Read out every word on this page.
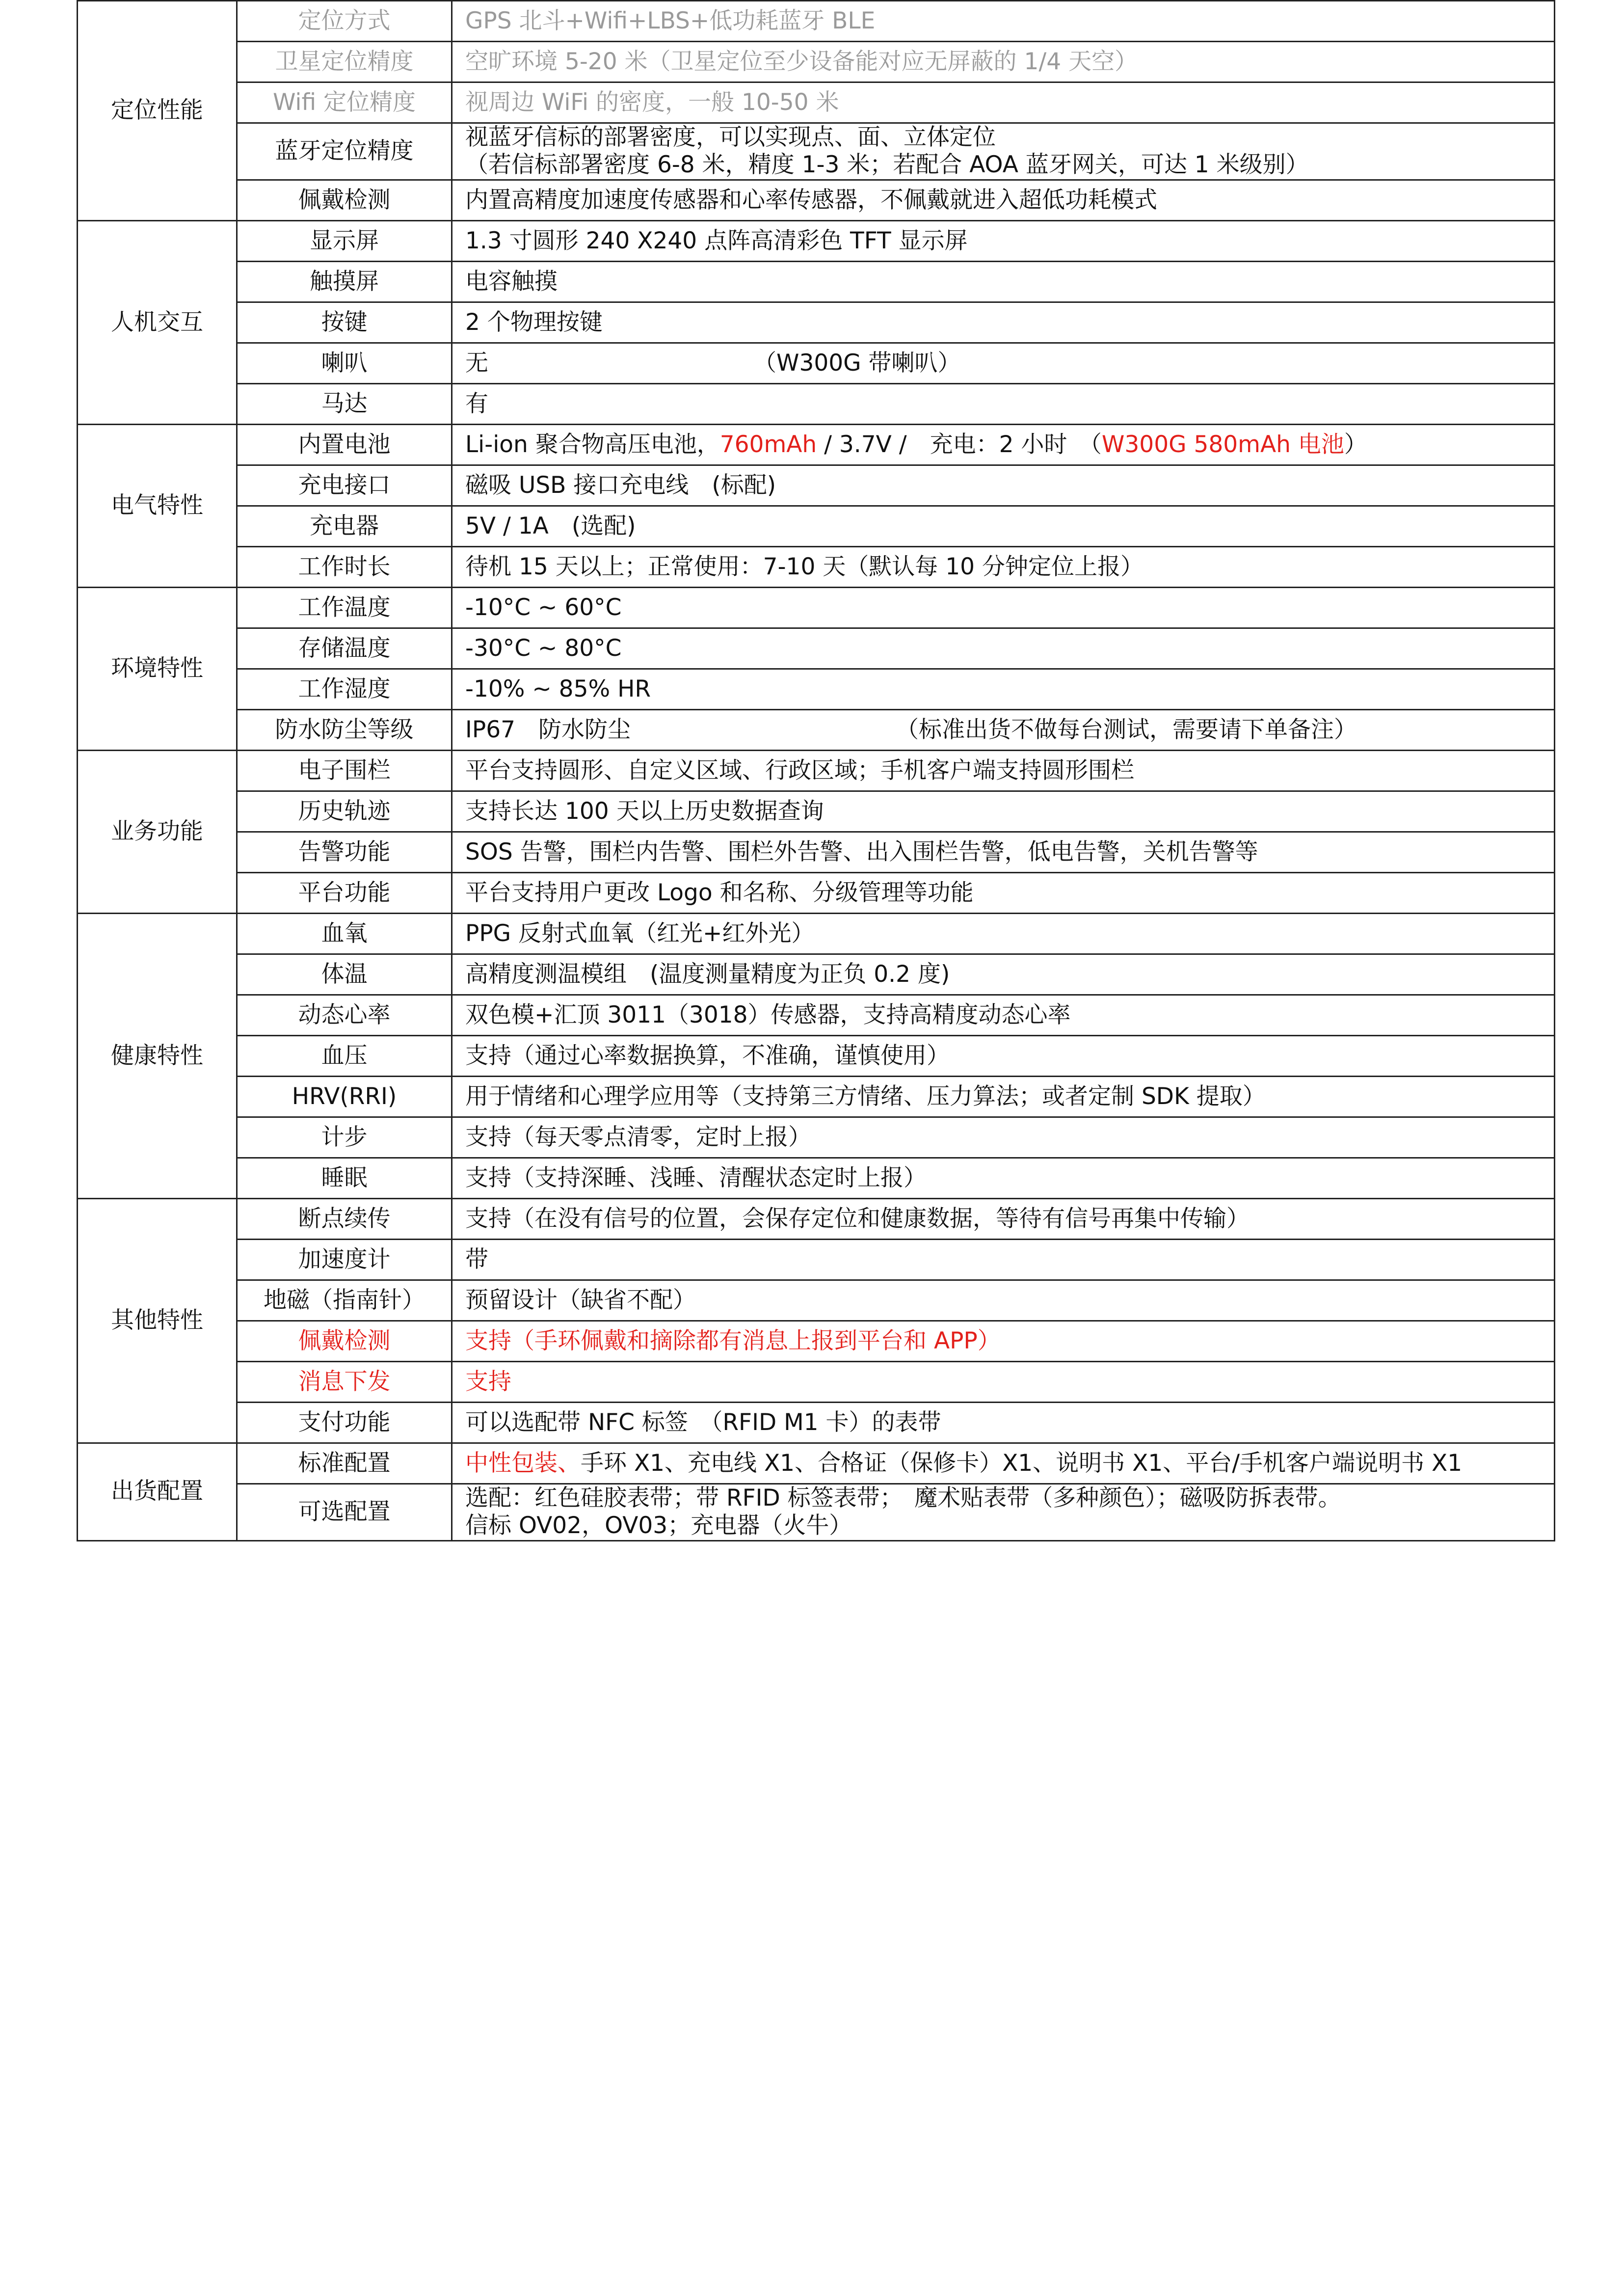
定位性能	定位方式	GPS 北斗+Wifi+LBS+低功耗蓝牙 BLE
	卫星定位精度	空旷环境 5-20 米（卫星定位至少设备能对应无屏蔽的 1/4 天空）
	Wifi 定位精度	视周边 WiFi 的密度，一般 10-50 米
	蓝牙定位精度	视蓝牙信标的部署密度，可以实现点、面、立体定位
（若信标部署密度 6-8 米，精度 1-3 米；若配合 AOA 蓝牙网关，可达 1 米级别）

	佩戴检测	内置高精度加速度传感器和心率传感器，不佩戴就进入超低功耗模式
人机交互	显示屏	1.3 寸圆形 240 X240 点阵高清彩色 TFT 显示屏
	触摸屏	电容触摸
	按键	2 个物理按键
	喇叭	无 （W300G 带喇叭）
	马达	有
电气特性	内置电池	Li-ion 聚合物高压电池，760mAh / 3.7V /　充电：2 小时　（W300G 580mAh 电池）
	充电接口	磁吸 USB 接口充电线　(标配)
	充电器	5V / 1A　(选配)
	工作时长	待机 15 天以上；正常使用：7-10 天（默认每 10 分钟定位上报）
环境特性	工作温度	-10°C ~ 60°C
	存储温度	-30°C ~ 80°C
	工作湿度	-10% ~ 85% HR
	防水防尘等级	IP67　防水防尘 （标准出货不做每台测试，需要请下单备注）
业务功能	电子围栏	平台支持圆形、自定义区域、行政区域；手机客户端支持圆形围栏
	历史轨迹	支持长达 100 天以上历史数据查询
	告警功能	SOS 告警，围栏内告警、围栏外告警、出入围栏告警，低电告警，关机告警等
	平台功能	平台支持用户更改 Logo 和名称、分级管理等功能
健康特性	血氧	PPG 反射式血氧（红光+红外光）
	体温	高精度测温模组　(温度测量精度为正负 0.2 度)
	动态心率	双色模+汇顶 3011（3018）传感器，支持高精度动态心率
	血压	支持（通过心率数据换算，不准确，谨慎使用）
	HRV(RRI)	用于情绪和心理学应用等（支持第三方情绪、压力算法；或者定制 SDK 提取）
	计步	支持（每天零点清零，定时上报）
	睡眠	支持（支持深睡、浅睡、清醒状态定时上报）
其他特性	断点续传	支持（在没有信号的位置，会保存定位和健康数据，等待有信号再集中传输）
	加速度计	带
	地磁（指南针）	预留设计（缺省不配）
	佩戴检测	支持（手环佩戴和摘除都有消息上报到平台和 APP）
	消息下发	支持
	支付功能	可以选配带 NFC 标签　（RFID M1 卡）的表带
出货配置	标准配置	中性包装、手环 X1、充电线 X1、合格证（保修卡）X1、说明书 X1、平台/手机客户端说明书 X1
	可选配置	选配：红色硅胶表带；带 RFID 标签表带；　魔术贴表带（多种颜色）；磁吸防拆表带。
信标 OV02，OV03；充电器（火牛）
